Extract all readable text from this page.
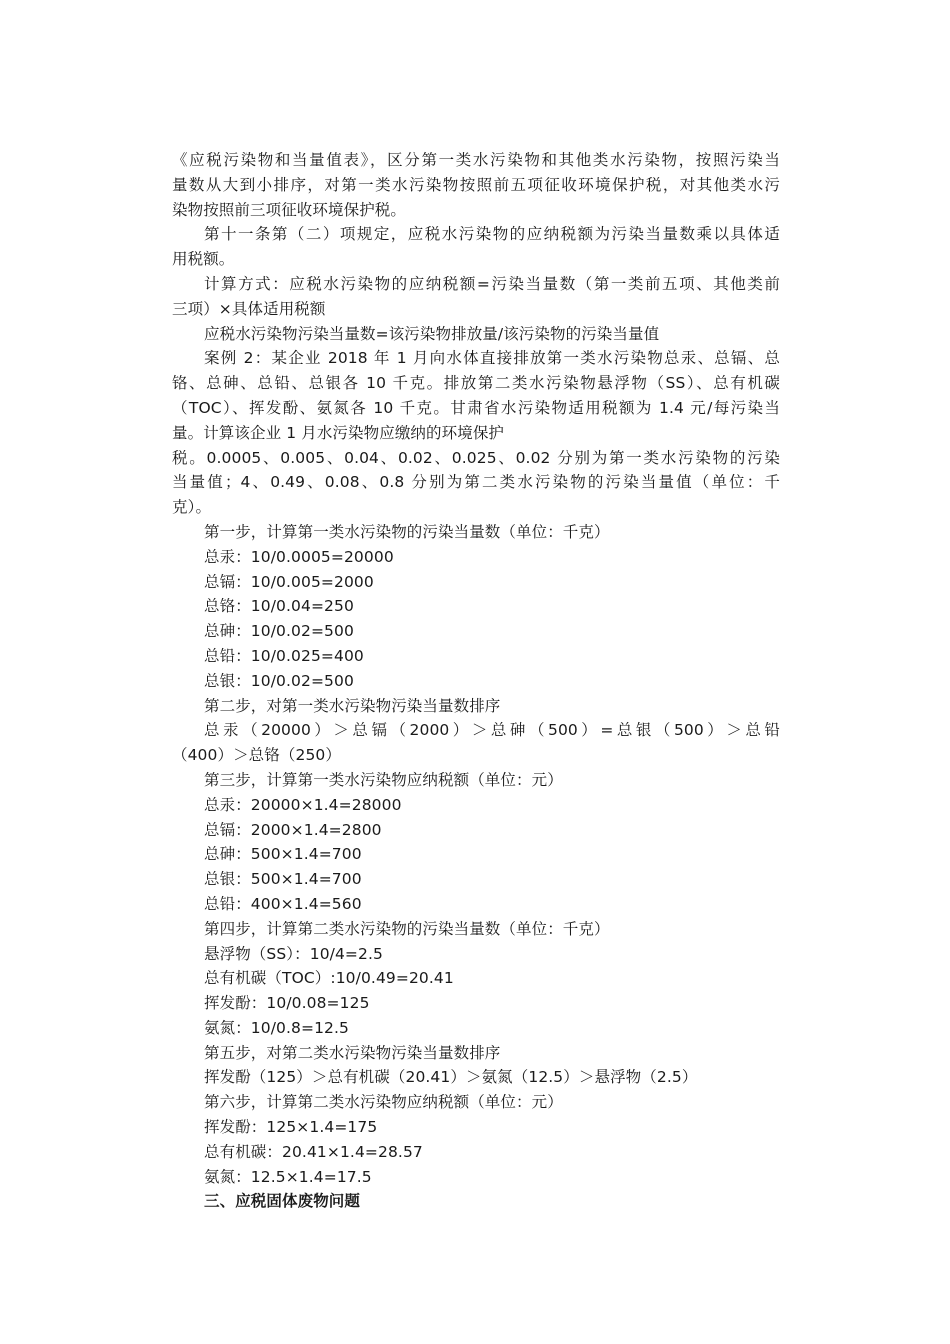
《应税污染物和当量值表》，区分第一类水污染物和其他类水污染物，按照污染当
量数从大到小排序，对第一类水污染物按照前五项征收环境保护税，对其他类水污
染物按照前三项征收环境保护税。
第十一条第（二）项规定，应税水污染物的应纳税额为污染当量数乘以具体适
用税额。
计算方式：应税水污染物的应纳税额=污染当量数（第一类前五项、其他类前
三项）×具体适用税额
应税水污染物污染当量数=该污染物排放量/该污染物的污染当量值
案例 2：某企业 2018 年 1 月向水体直接排放第一类水污染物总汞、总镉、总
铬、总砷、总铅、总银各 10 千克。排放第二类水污染物悬浮物（SS）、总有机碳
（TOC）、挥发酚、氨氮各 10 千克。甘肃省水污染物适用税额为 1.4 元/每污染当
量。计算该企业 1 月水污染物应缴纳的环境保护
税。0.0005、0.005、0.04、0.02、0.025、0.02 分别为第一类水污染物的污染
当量值；4、0.49、0.08、0.8 分别为第二类水污染物的污染当量值（单位：千
克）。
第一步，计算第一类水污染物的污染当量数（单位：千克）
总汞：10/0.0005=20000
总镉：10/0.005=2000
总铬：10/0.04=250
总砷：10/0.02=500
总铅：10/0.025=400
总银：10/0.02=500
第二步，对第一类水污染物污染当量数排序
总汞（20000）＞总镉（2000）＞总砷（500）=总银（500）＞总铅
（400）＞总铬（250）
第三步，计算第一类水污染物应纳税额（单位：元）
总汞：20000×1.4=28000
总镉：2000×1.4=2800
总砷：500×1.4=700
总银：500×1.4=700
总铅：400×1.4=560
第四步，计算第二类水污染物的污染当量数（单位：千克）
悬浮物（SS）：10/4=2.5
总有机碳（TOC）:10/0.49=20.41
挥发酚：10/0.08=125
氨氮：10/0.8=12.5
第五步，对第二类水污染物污染当量数排序
挥发酚（125）＞总有机碳（20.41）＞氨氮（12.5）＞悬浮物（2.5）
第六步，计算第二类水污染物应纳税额（单位：元）
挥发酚：125×1.4=175
总有机碳：20.41×1.4=28.57
氨氮：12.5×1.4=17.5
三、应税固体废物问题
